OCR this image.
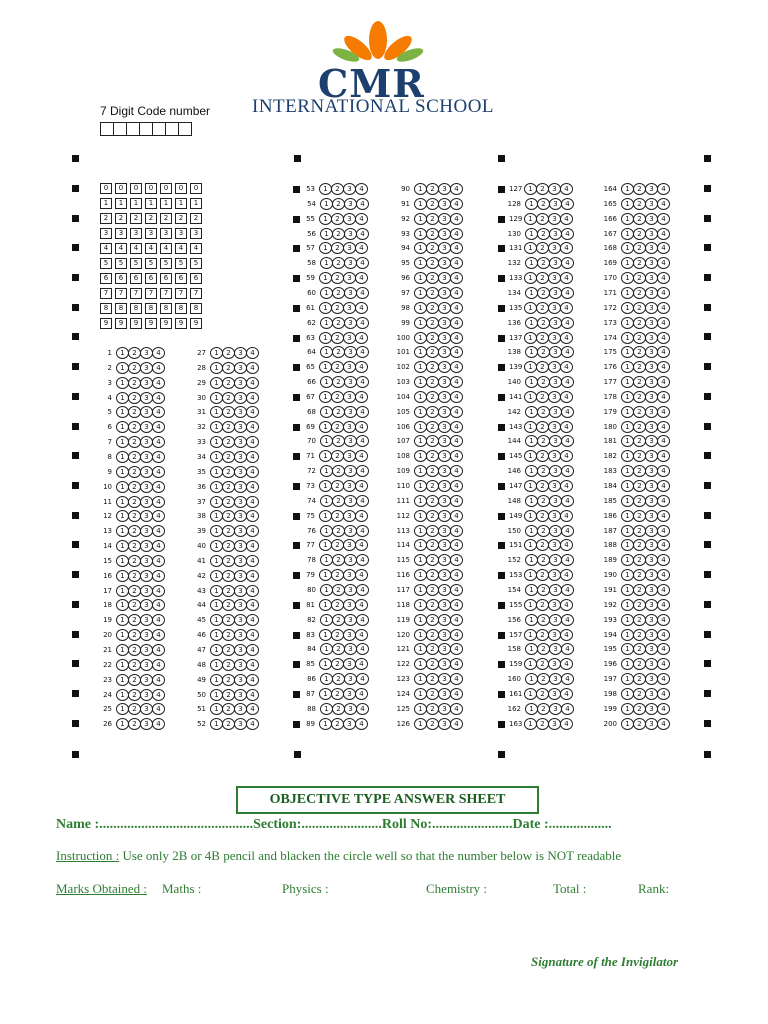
CMR
INTERNATIONAL SCHOOL
7 Digit Code number
0	0	0	0	0	0	0
1	1	1	1	1	1	1
2	2	2	2	2	2	2
3	3	3	3	3	3	3
4	4	4	4	4	4	4
5	5	5	5	5	5	5
6	6	6	6	6	6	6
7	7	7	7	7	7	7
8	8	8	8	8	8	8
9	9	9	9	9	9	9
1	1	2	3	4
2	1	2	3	4
3	1	2	3	4
4	1	2	3	4
5	1	2	3	4
6	1	2	3	4
7	1	2	3	4
8	1	2	3	4
9	1	2	3	4
10	1	2	3	4
11	1	2	3	4
12	1	2	3	4
13	1	2	3	4
14	1	2	3	4
15	1	2	3	4
16	1	2	3	4
17	1	2	3	4
18	1	2	3	4
19	1	2	3	4
20	1	2	3	4
21	1	2	3	4
22	1	2	3	4
23	1	2	3	4
24	1	2	3	4
25	1	2	3	4
26	1	2	3	4
27	1	2	3	4
28	1	2	3	4
29	1	2	3	4
30	1	2	3	4
31	1	2	3	4
32	1	2	3	4
33	1	2	3	4
34	1	2	3	4
35	1	2	3	4
36	1	2	3	4
37	1	2	3	4
38	1	2	3	4
39	1	2	3	4
40	1	2	3	4
41	1	2	3	4
42	1	2	3	4
43	1	2	3	4
44	1	2	3	4
45	1	2	3	4
46	1	2	3	4
47	1	2	3	4
48	1	2	3	4
49	1	2	3	4
50	1	2	3	4
51	1	2	3	4
52	1	2	3	4
53	1	2	3	4
54	1	2	3	4
55	1	2	3	4
56	1	2	3	4
57	1	2	3	4
58	1	2	3	4
59	1	2	3	4
60	1	2	3	4
61	1	2	3	4
62	1	2	3	4
63	1	2	3	4
64	1	2	3	4
65	1	2	3	4
66	1	2	3	4
67	1	2	3	4
68	1	2	3	4
69	1	2	3	4
70	1	2	3	4
71	1	2	3	4
72	1	2	3	4
73	1	2	3	4
74	1	2	3	4
75	1	2	3	4
76	1	2	3	4
77	1	2	3	4
78	1	2	3	4
79	1	2	3	4
80	1	2	3	4
81	1	2	3	4
82	1	2	3	4
83	1	2	3	4
84	1	2	3	4
85	1	2	3	4
86	1	2	3	4
87	1	2	3	4
88	1	2	3	4
89	1	2	3	4
90	1	2	3	4
91	1	2	3	4
92	1	2	3	4
93	1	2	3	4
94	1	2	3	4
95	1	2	3	4
96	1	2	3	4
97	1	2	3	4
98	1	2	3	4
99	1	2	3	4
100	1	2	3	4
101	1	2	3	4
102	1	2	3	4
103	1	2	3	4
104	1	2	3	4
105	1	2	3	4
106	1	2	3	4
107	1	2	3	4
108	1	2	3	4
109	1	2	3	4
110	1	2	3	4
111	1	2	3	4
112	1	2	3	4
113	1	2	3	4
114	1	2	3	4
115	1	2	3	4
116	1	2	3	4
117	1	2	3	4
118	1	2	3	4
119	1	2	3	4
120	1	2	3	4
121	1	2	3	4
122	1	2	3	4
123	1	2	3	4
124	1	2	3	4
125	1	2	3	4
126	1	2	3	4
127 1	2	3	4
128	1	2	3	4
129 1	2	3	4
130	1	2	3	4
131 1	2	3	4
132	1	2	3	4
133 1	2	3	4
134	1	2	3	4
135 1	2	3	4
136	1	2	3	4
137 1	2	3	4
138	1	2	3	4
139 1	2	3	4
140	1	2	3	4
141 1	2	3	4
142	1	2	3	4
143 1	2	3	4
144	1	2	3	4
145 1	2	3	4
146	1	2	3	4
147 1	2	3	4
148	1	2	3	4
149 1	2	3	4
150	1	2	3	4
151 1	2	3	4
152	1	2	3	4
153 1	2	3	4
154	1	2	3	4
155 1	2	3	4
156	1	2	3	4
157 1	2	3	4
158	1	2	3	4
159 1	2	3	4
160	1	2	3	4
161 1	2	3	4
162	1	2	3	4
163 1	2	3	4
164	1	2	3	4
165	1	2	3	4
166	1	2	3	4
167	1	2	3	4
168	1	2	3	4
169	1	2	3	4
170	1	2	3	4
171	1	2	3	4
172	1	2	3	4
173	1	2	3	4
174	1	2	3	4
175	1	2	3	4
176	1	2	3	4
177	1	2	3	4
178	1	2	3	4
179	1	2	3	4
180	1	2	3	4
181	1	2	3	4
182	1	2	3	4
183	1	2	3	4
184	1	2	3	4
185	1	2	3	4
186	1	2	3	4
187	1	2	3	4
188	1	2	3	4
189	1	2	3	4
190	1	2	3	4
191	1	2	3	4
192	1	2	3	4
193	1	2	3	4
194	1	2	3	4
195	1	2	3	4
196	1	2	3	4
197	1	2	3	4
198	1	2	3	4
199	1	2	3	4
200	1	2	3	4
OBJECTIVE TYPE ANSWER SHEET
Name :............................................Section:.......................Roll No:.......................Date :..................
Instruction : Use only 2B or 4B pencil and blacken the circle well so that the number below is NOT readable
Marks Obtained : Maths :	Physics :	Chemistry :	Total :	Rank:
Signature of the Invigilator
